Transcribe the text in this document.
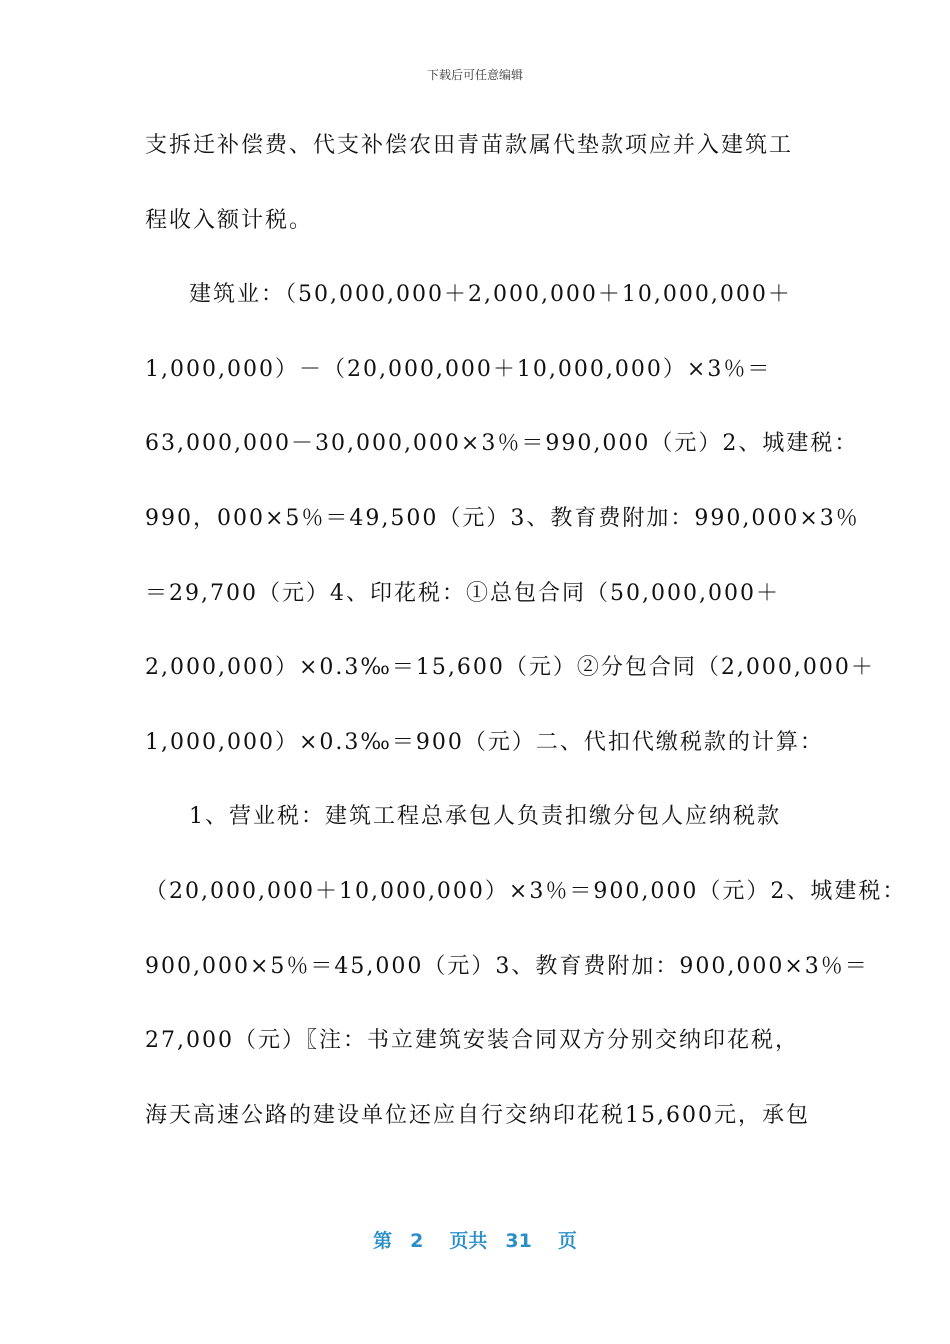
下载后可任意编辑
支拆迁补偿费、代支补偿农田青苗款属代垫款项应并入建筑工
程收入额计税。
建筑业：（50,000,000＋2,000,000＋10,000,000＋
1,000,000）－（20,000,000＋10,000,000）×3％＝
63,000,000－30,000,000×3％＝990,000（元）2、城建税：
990，000×5％＝49,500（元）3、教育费附加：990,000×3％
＝29,700（元）4、印花税：①总包合同（50,000,000＋
2,000,000）×0.3‰＝15,600（元）②分包合同（2,000,000＋
1,000,000）×0.3‰＝900（元）二、代扣代缴税款的计算：
1、营业税：建筑工程总承包人负责扣缴分包人应纳税款
（20,000,000＋10,000,000）×3％＝900,000（元）2、城建税：
900,000×5％＝45,000（元）3、教育费附加：900,000×3％＝
27,000（元）〖注：书立建筑安装合同双方分别交纳印花税，
海天高速公路的建设单位还应自行交纳印花税15,600元，承包
第 2 页共 31 页
